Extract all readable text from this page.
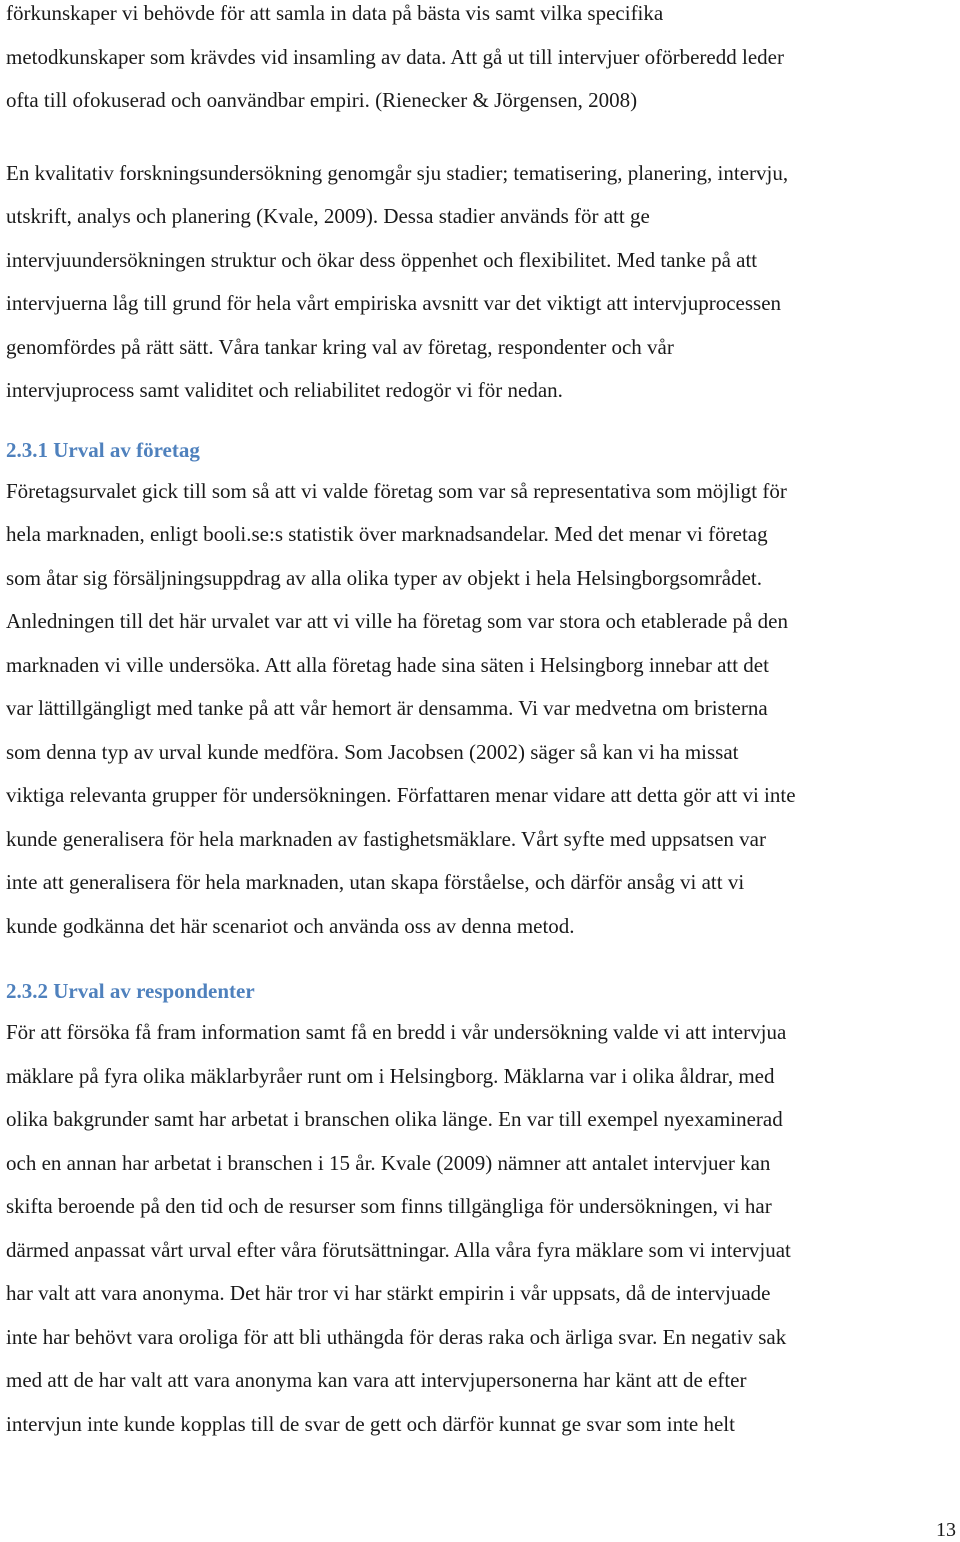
förkunskaper vi behövde för att samla in data på bästa vis samt vilka specifika
metodkunskaper som krävdes vid insamling av data. Att gå ut till intervjuer oförberedd leder
ofta till ofokuserad och oanvändbar empiri. (Rienecker & Jörgensen, 2008)

En kvalitativ forskningsundersökning genomgår sju stadier; tematisering, planering, intervju,
utskrift, analys och planering (Kvale, 2009). Dessa stadier används för att ge
intervjuundersökningen struktur och ökar dess öppenhet och flexibilitet. Med tanke på att
intervjuerna låg till grund för hela vårt empiriska avsnitt var det viktigt att intervjuprocessen
genomfördes på rätt sätt. Våra tankar kring val av företag, respondenter och vår
intervjuprocess samt validitet och reliabilitet redogör vi för nedan.

2.3.1 Urval av företag

Företagsurvalet gick till som så att vi valde företag som var så representativa som möjligt för
hela marknaden, enligt booli.se:s statistik över marknadsandelar. Med det menar vi företag
som åtar sig försäljningsuppdrag av alla olika typer av objekt i hela Helsingborgsområdet.
Anledningen till det här urvalet var att vi ville ha företag som var stora och etablerade på den
marknaden vi ville undersöka. Att alla företag hade sina säten i Helsingborg innebar att det
var lättillgängligt med tanke på att vår hemort är densamma. Vi var medvetna om bristerna
som denna typ av urval kunde medföra. Som Jacobsen (2002) säger så kan vi ha missat
viktiga relevanta grupper för undersökningen. Författaren menar vidare att detta gör att vi inte
kunde generalisera för hela marknaden av fastighetsmäklare. Vårt syfte med uppsatsen var
inte att generalisera för hela marknaden, utan skapa förståelse, och därför ansåg vi att vi
kunde godkänna det här scenariot och använda oss av denna metod.

2.3.2 Urval av respondenter

För att försöka få fram information samt få en bredd i vår undersökning valde vi att intervjua
mäklare på fyra olika mäklarbyråer runt om i Helsingborg. Mäklarna var i olika åldrar, med
olika bakgrunder samt har arbetat i branschen olika länge. En var till exempel nyexaminerad
och en annan har arbetat i branschen i 15 år. Kvale (2009) nämner att antalet intervjuer kan
skifta beroende på den tid och de resurser som finns tillgängliga för undersökningen, vi har
därmed anpassat vårt urval efter våra förutsättningar. Alla våra fyra mäklare som vi intervjuat
har valt att vara anonyma. Det här tror vi har stärkt empirin i vår uppsats, då de intervjuade
inte har behövt vara oroliga för att bli uthängda för deras raka och ärliga svar. En negativ sak
med att de har valt att vara anonyma kan vara att intervjupersonerna har känt att de efter
intervjun inte kunde kopplas till de svar de gett och därför kunnat ge svar som inte helt

13
